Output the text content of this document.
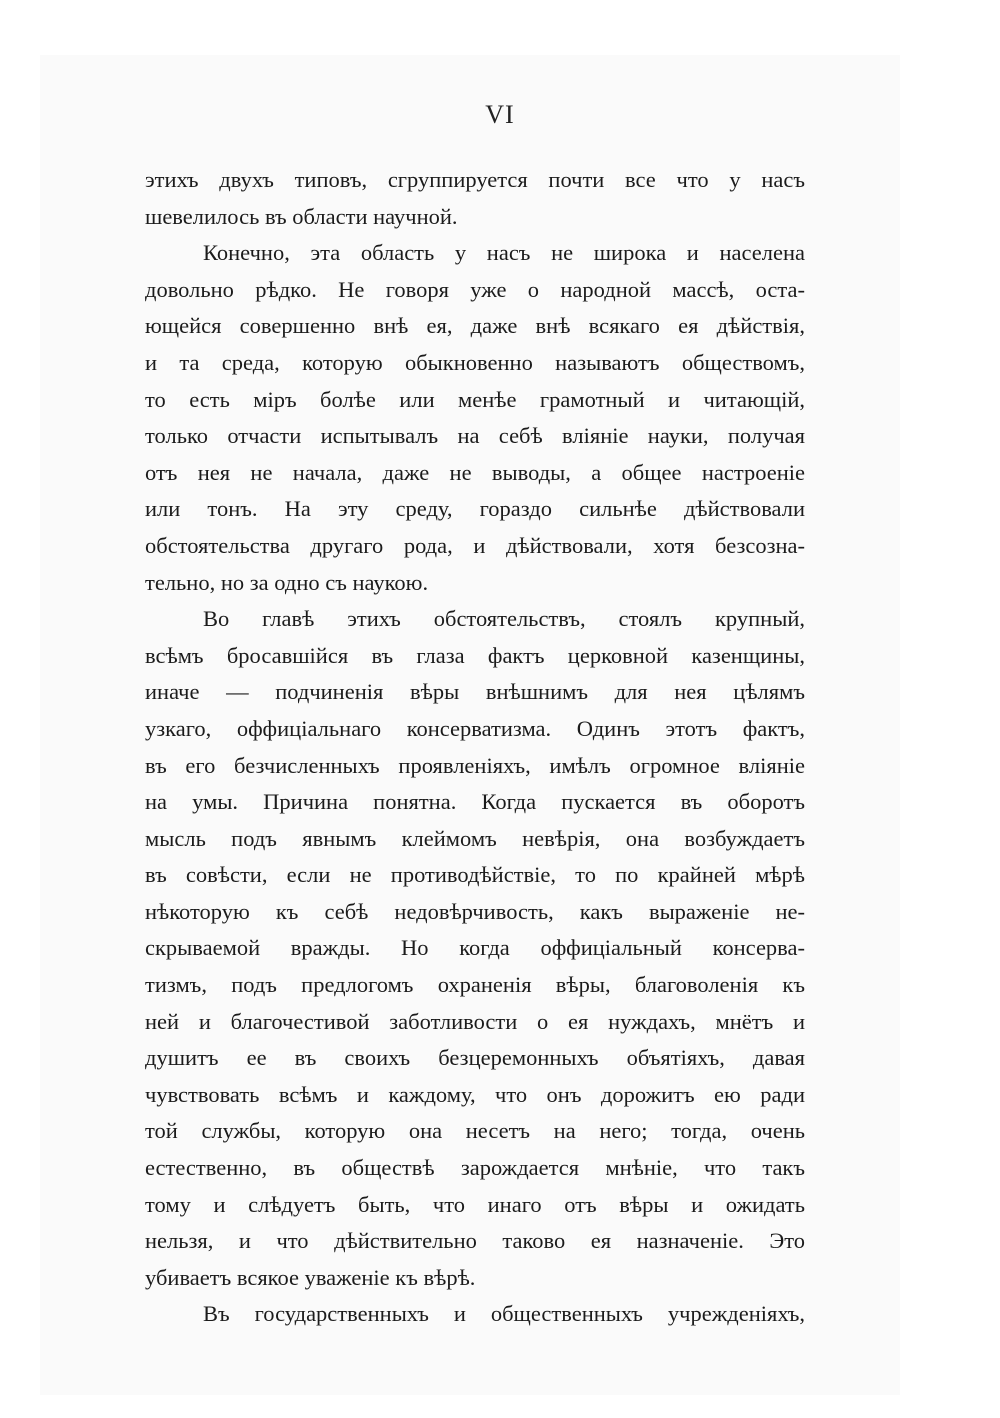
VI
этихъ двухъ типовъ, сгруппируется почти все что у насъ
шевелилось въ области научной.
Конечно, эта область у насъ не широка и населена
довольно рѣдко. Не говоря уже о народной массѣ, оста-
ющейся совершенно внѣ ея, даже внѣ всякаго ея дѣйствія,
и та среда, которую обыкновенно называютъ обществомъ,
то есть міръ болѣе или менѣе грамотный и читающій,
только отчасти испытывалъ на себѣ вліяніе науки, получая
отъ нея не начала, даже не выводы, а общее настроеніе
или тонъ. На эту среду, гораздо сильнѣе дѣйствовали
обстоятельства другаго рода, и дѣйствовали, хотя безсозна-
тельно, но за одно съ наукою.
Во главѣ этихъ обстоятельствъ, стоялъ крупный,
всѣмъ бросавшійся въ глаза фактъ церковной казенщины,
иначе — подчиненія вѣры внѣшнимъ для нея цѣлямъ
узкаго, оффиціальнаго консерватизма. Одинъ этотъ фактъ,
въ его безчисленныхъ проявленіяхъ, имѣлъ огромное вліяніе
на умы. Причина понятна. Когда пускается въ оборотъ
мысль подъ явнымъ клеймомъ невѣрія, она возбуждаетъ
въ совѣсти, если не противодѣйствіе, то по крайней мѣрѣ
нѣкоторую къ себѣ недовѣрчивость, какъ выраженіе не-
скрываемой вражды. Но когда оффиціальный консерва-
тизмъ, подъ предлогомъ охраненія вѣры, благоволенія къ
ней и благочестивой заботливости о ея нуждахъ, мнётъ и
душитъ ее въ своихъ безцеремонныхъ объятіяхъ, давая
чувствовать всѣмъ и каждому, что онъ дорожитъ ею ради
той службы, которую она несетъ на него; тогда, очень
естественно, въ обществѣ зарождается мнѣніе, что такъ
тому и слѣдуетъ быть, что инаго отъ вѣры и ожидать
нельзя, и что дѣйствительно таково ея назначеніе. Это
убиваетъ всякое уваженіе къ вѣрѣ.
Въ государственныхъ и общественныхъ учрежденіяхъ,
